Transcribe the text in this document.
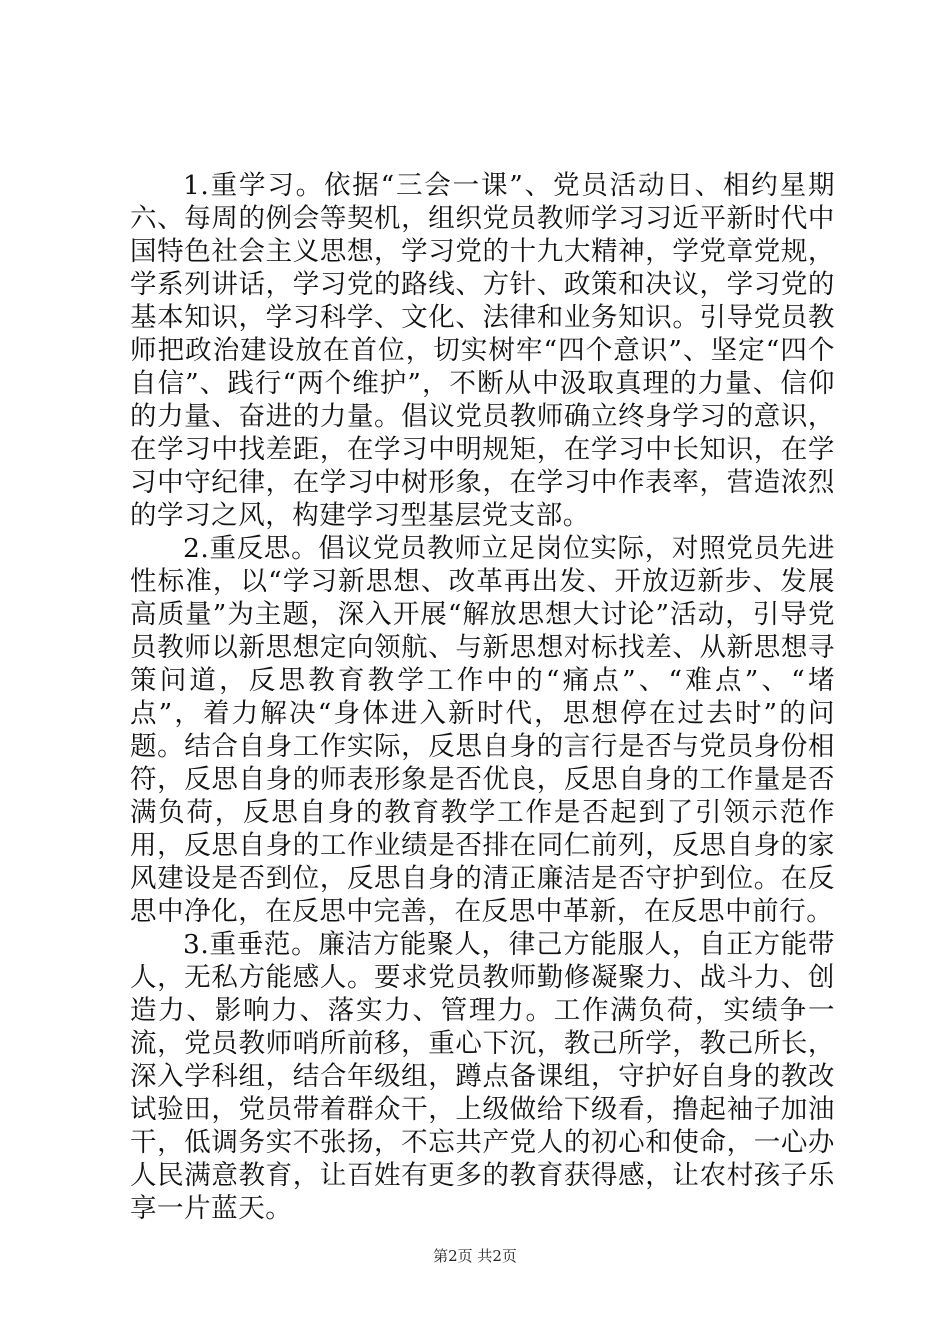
1.重学习。依据“三会一课”、党员活动日、相约星期六、每周的例会等契机，组织党员教师学习习近平新时代中国特色社会主义思想，学习党的十九大精神，学党章党规，学系列讲话，学习党的路线、方针、政策和决议，学习党的基本知识，学习科学、文化、法律和业务知识。引导党员教师把政治建设放在首位，切实树牢“四个意识”、坚定“四个自信”、践行“两个维护”，不断从中汲取真理的力量、信仰的力量、奋进的力量。倡议党员教师确立终身学习的意识，在学习中找差距，在学习中明规矩，在学习中长知识，在学习中守纪律，在学习中树形象，在学习中作表率，营造浓烈的学习之风，构建学习型基层党支部。

2.重反思。倡议党员教师立足岗位实际，对照党员先进性标准，以“学习新思想、改革再出发、开放迈新步、发展高质量”为主题，深入开展“解放思想大讨论”活动，引导党员教师以新思想定向领航、与新思想对标找差、从新思想寻策问道，反思教育教学工作中的“痛点”、“难点”、“堵点”，着力解决“身体进入新时代，思想停在过去时”的问题。结合自身工作实际，反思自身的言行是否与党员身份相符，反思自身的师表形象是否优良，反思自身的工作量是否满负荷，反思自身的教育教学工作是否起到了引领示范作用，反思自身的工作业绩是否排在同仁前列，反思自身的家风建设是否到位，反思自身的清正廉洁是否守护到位。在反思中净化，在反思中完善，在反思中革新，在反思中前行。

3.重垂范。廉洁方能聚人，律己方能服人，自正方能带人，无私方能感人。要求党员教师勤修凝聚力、战斗力、创造力、影响力、落实力、管理力。工作满负荷，实绩争一流，党员教师哨所前移，重心下沉，教己所学，教己所长，深入学科组，结合年级组，蹲点备课组，守护好自身的教改试验田，党员带着群众干，上级做给下级看，撸起袖子加油干，低调务实不张扬，不忘共产党人的初心和使命，一心办人民满意教育，让百姓有更多的教育获得感，让农村孩子乐享一片蓝天。

第2页 共2页
